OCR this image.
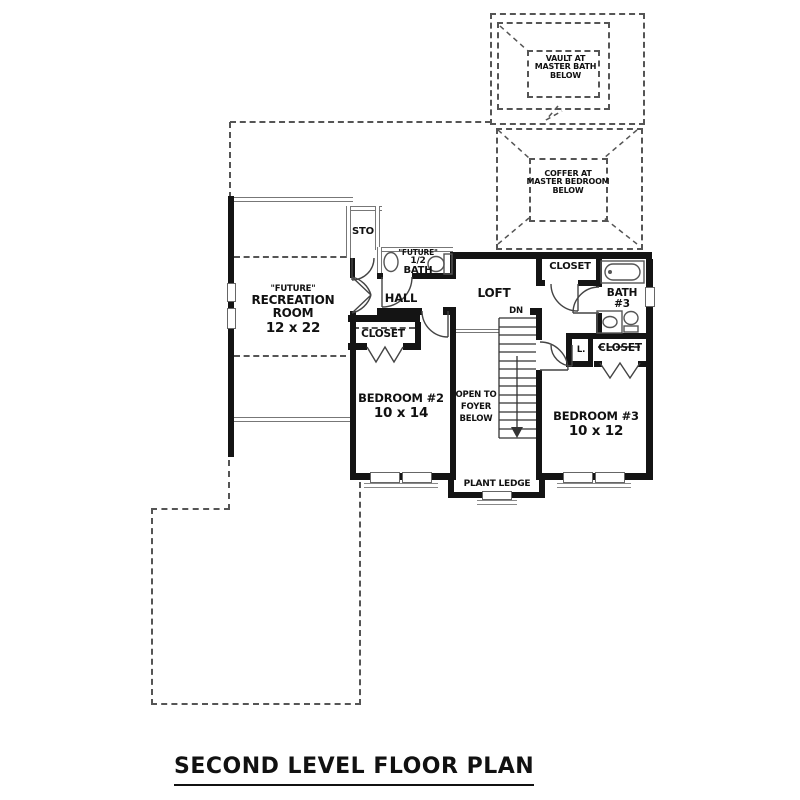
VAULT AT
MASTER BATH
BELOW
COFFER AT
MASTER BEDROOM
BELOW
"FUTURE"
RECREATION
ROOM
12 x 22
STO
"FUTURE"
1/2
BATH
HALL	LOFT
CLOSET
BATH
#3
CLOSET
BEDROOM #2
10 x 14
OPEN TO
FOYER
BELOW
DN
PLANT LEDGE
L.	CLOSET
BEDROOM #3
10 x 12
SECOND LEVEL FLOOR PLAN
